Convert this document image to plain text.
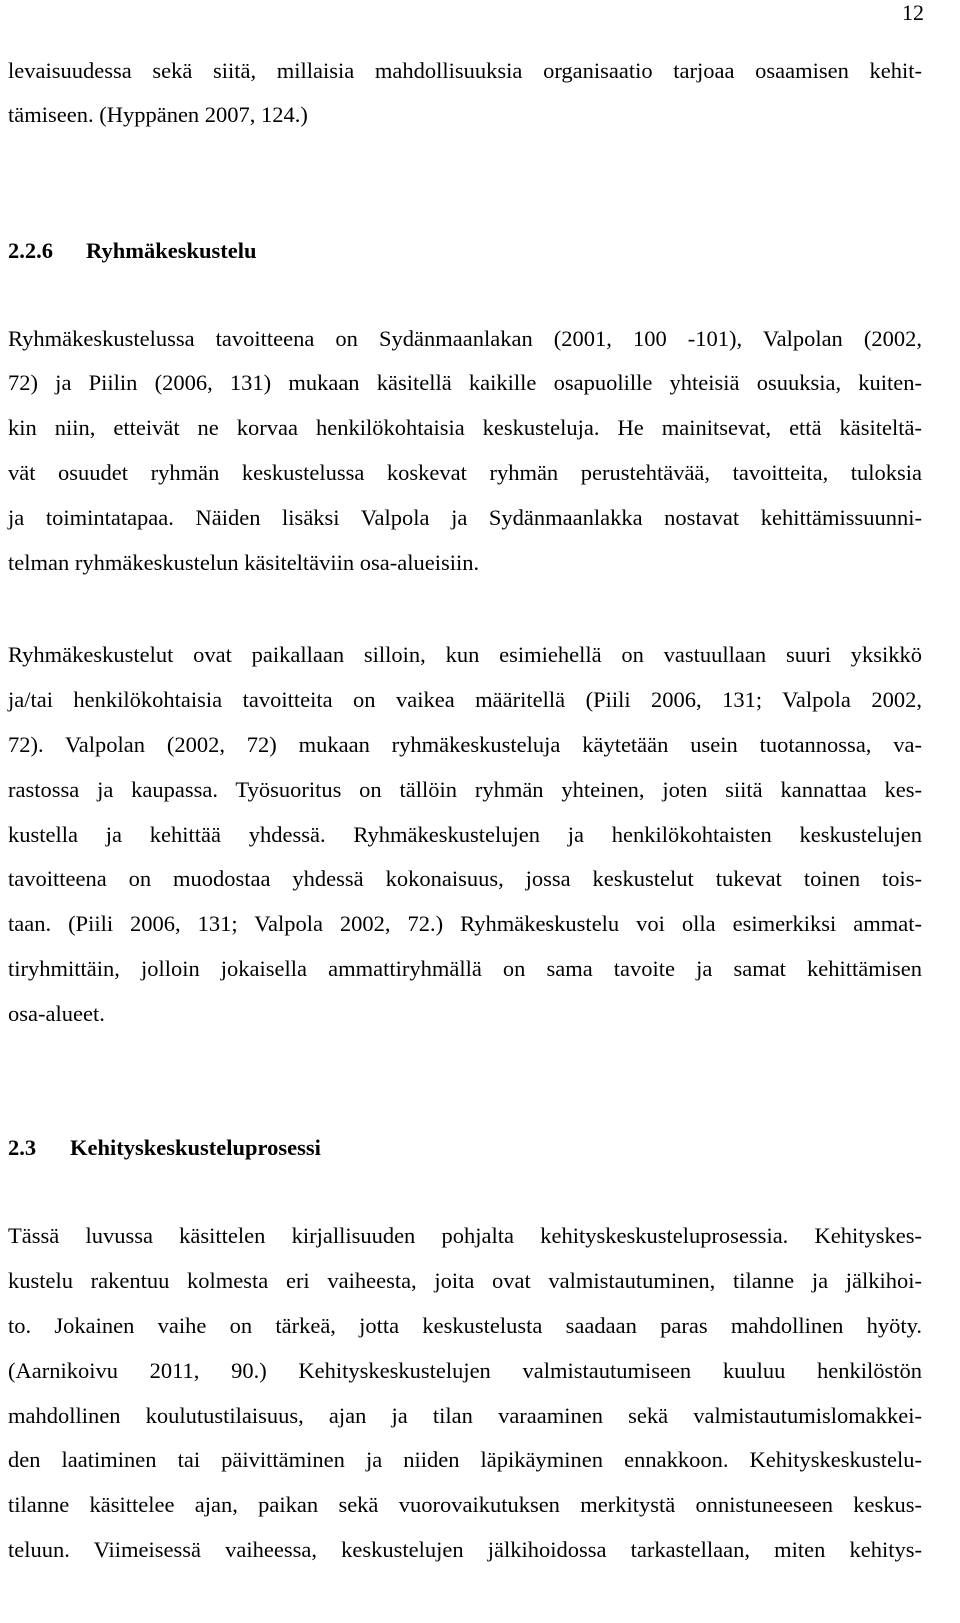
12
levaisuudessa sekä siitä, millaisia mahdollisuuksia organisaatio tarjoaa osaamisen kehit-
tämiseen. (Hyppänen 2007, 124.)
2.2.6 Ryhmäkeskustelu
Ryhmäkeskustelussa tavoitteena on Sydänmaanlakan (2001, 100 -101), Valpolan (2002,
72) ja Piilin (2006, 131) mukaan käsitellä kaikille osapuolille yhteisiä osuuksia, kuiten-
kin niin, etteivät ne korvaa henkilökohtaisia keskusteluja. He mainitsevat, että käsiteltä-
vät osuudet ryhmän keskustelussa koskevat ryhmän perustehtävää, tavoitteita, tuloksia
ja toimintatapaa. Näiden lisäksi Valpola ja Sydänmaanlakka nostavat kehittämissuunni-
telman ryhmäkeskustelun käsiteltäviin osa-alueisiin.
Ryhmäkeskustelut ovat paikallaan silloin, kun esimiehellä on vastuullaan suuri yksikkö
ja/tai henkilökohtaisia tavoitteita on vaikea määritellä (Piili 2006, 131; Valpola 2002,
72). Valpolan (2002, 72) mukaan ryhmäkeskusteluja käytetään usein tuotannossa, va-
rastossa ja kaupassa. Työsuoritus on tällöin ryhmän yhteinen, joten siitä kannattaa kes-
kustella ja kehittää yhdessä. Ryhmäkeskustelujen ja henkilökohtaisten keskustelujen
tavoitteena on muodostaa yhdessä kokonaisuus, jossa keskustelut tukevat toinen tois-
taan. (Piili 2006, 131; Valpola 2002, 72.) Ryhmäkeskustelu voi olla esimerkiksi ammat-
tiryhmittäin, jolloin jokaisella ammattiryhmällä on sama tavoite ja samat kehittämisen
osa-alueet.
2.3 Kehityskeskusteluprosessi
Tässä luvussa käsittelen kirjallisuuden pohjalta kehityskeskusteluprosessia. Kehityskes-
kustelu rakentuu kolmesta eri vaiheesta, joita ovat valmistautuminen, tilanne ja jälkihoi-
to. Jokainen vaihe on tärkeä, jotta keskustelusta saadaan paras mahdollinen hyöty.
(Aarnikoivu 2011, 90.) Kehityskeskustelujen valmistautumiseen kuuluu henkilöstön
mahdollinen koulutustilaisuus, ajan ja tilan varaaminen sekä valmistautumislomakkei-
den laatiminen tai päivittäminen ja niiden läpikäyminen ennakkoon. Kehityskeskustelu-
tilanne käsittelee ajan, paikan sekä vuorovaikutuksen merkitystä onnistuneeseen keskus-
teluun. Viimeisessä vaiheessa, keskustelujen jälkihoidossa tarkastellaan, miten kehitys-
